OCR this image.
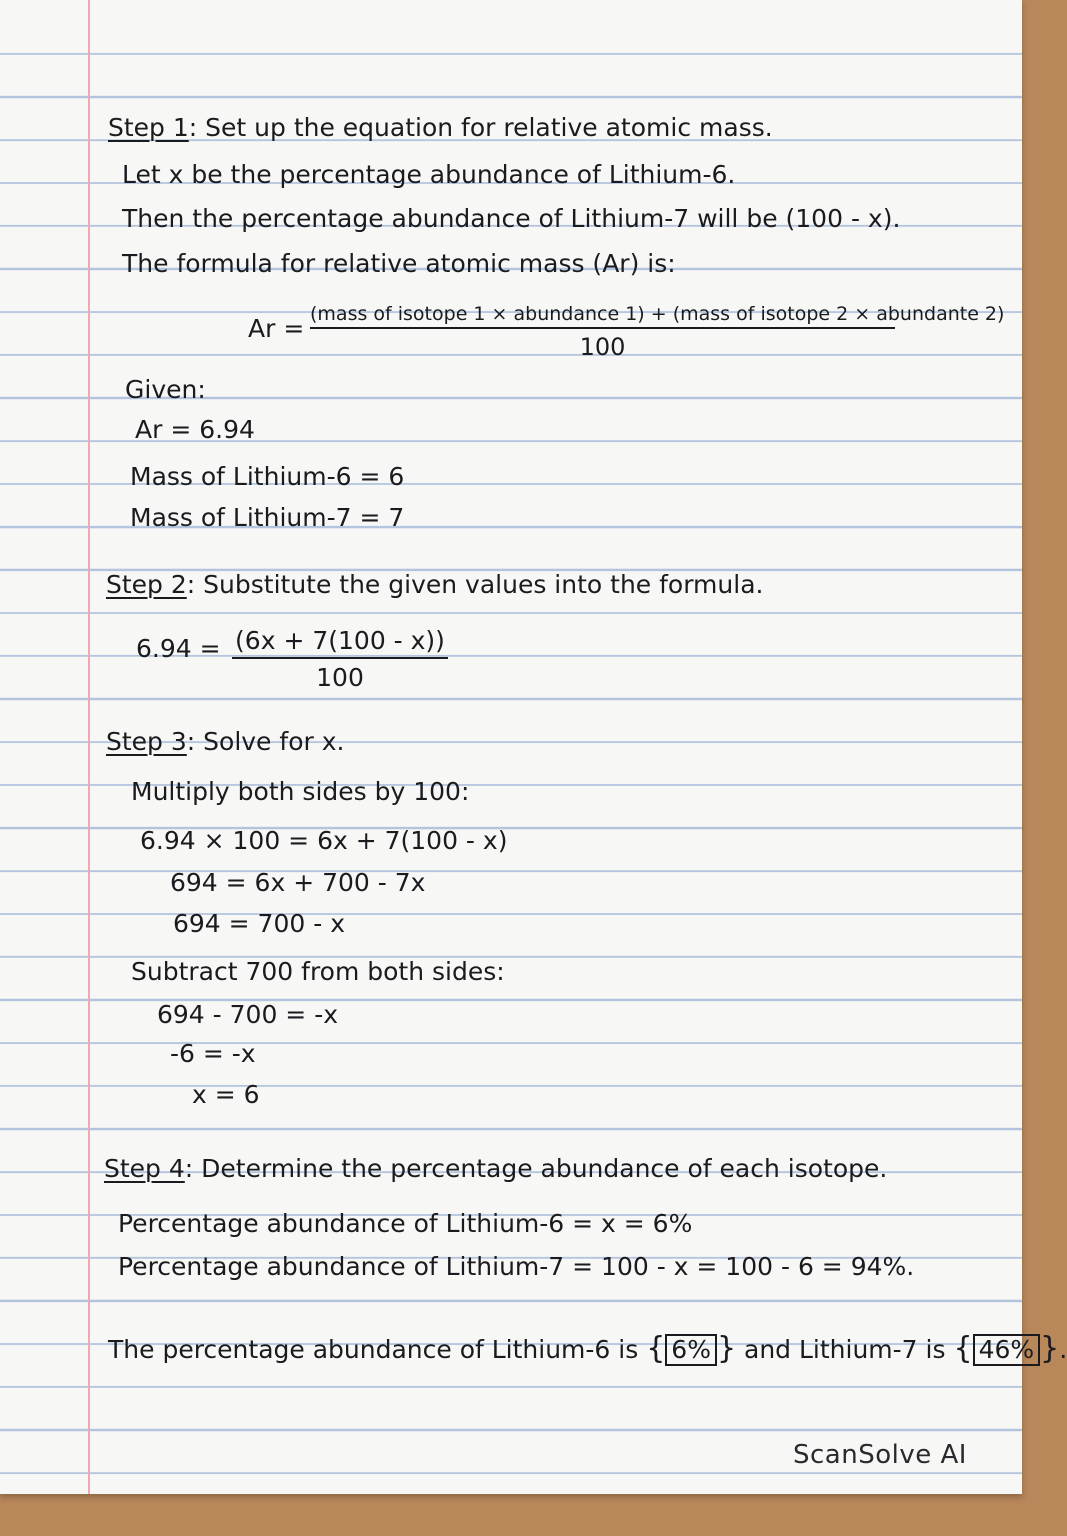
Step 1: Set up the equation for relative atomic mass.
Let x be the percentage abundance of Lithium-6.
Then the percentage abundance of Lithium-7 will be (100 - x).
The formula for relative atomic mass (Ar) is:
Ar = (mass of isotope 1 × abundance 1) + (mass of isotope 2 × abundante 2)
100
Given:
Ar = 6.94
Mass of Lithium-6 = 6
Mass of Lithium-7 = 7
Step 2: Substitute the given values into the formula.
6.94 = (6x + 7(100 - x))
100
Step 3: Solve for x.
Multiply both sides by 100:
6.94 × 100 = 6x + 7(100 - x)
694 = 6x + 700 - 7x
694 = 700 - x
Subtract 700 from both sides:
694 - 700 = -x
-6 = -x
x = 6
Step 4: Determine the percentage abundance of each isotope.
Percentage abundance of Lithium-6 = x = 6%
Percentage abundance of Lithium-7 = 100 - x = 100 - 6 = 94%.
The percentage abundance of Lithium-6 is { 6% } and Lithium-7 is { 46% }.
ScanSolve AI
